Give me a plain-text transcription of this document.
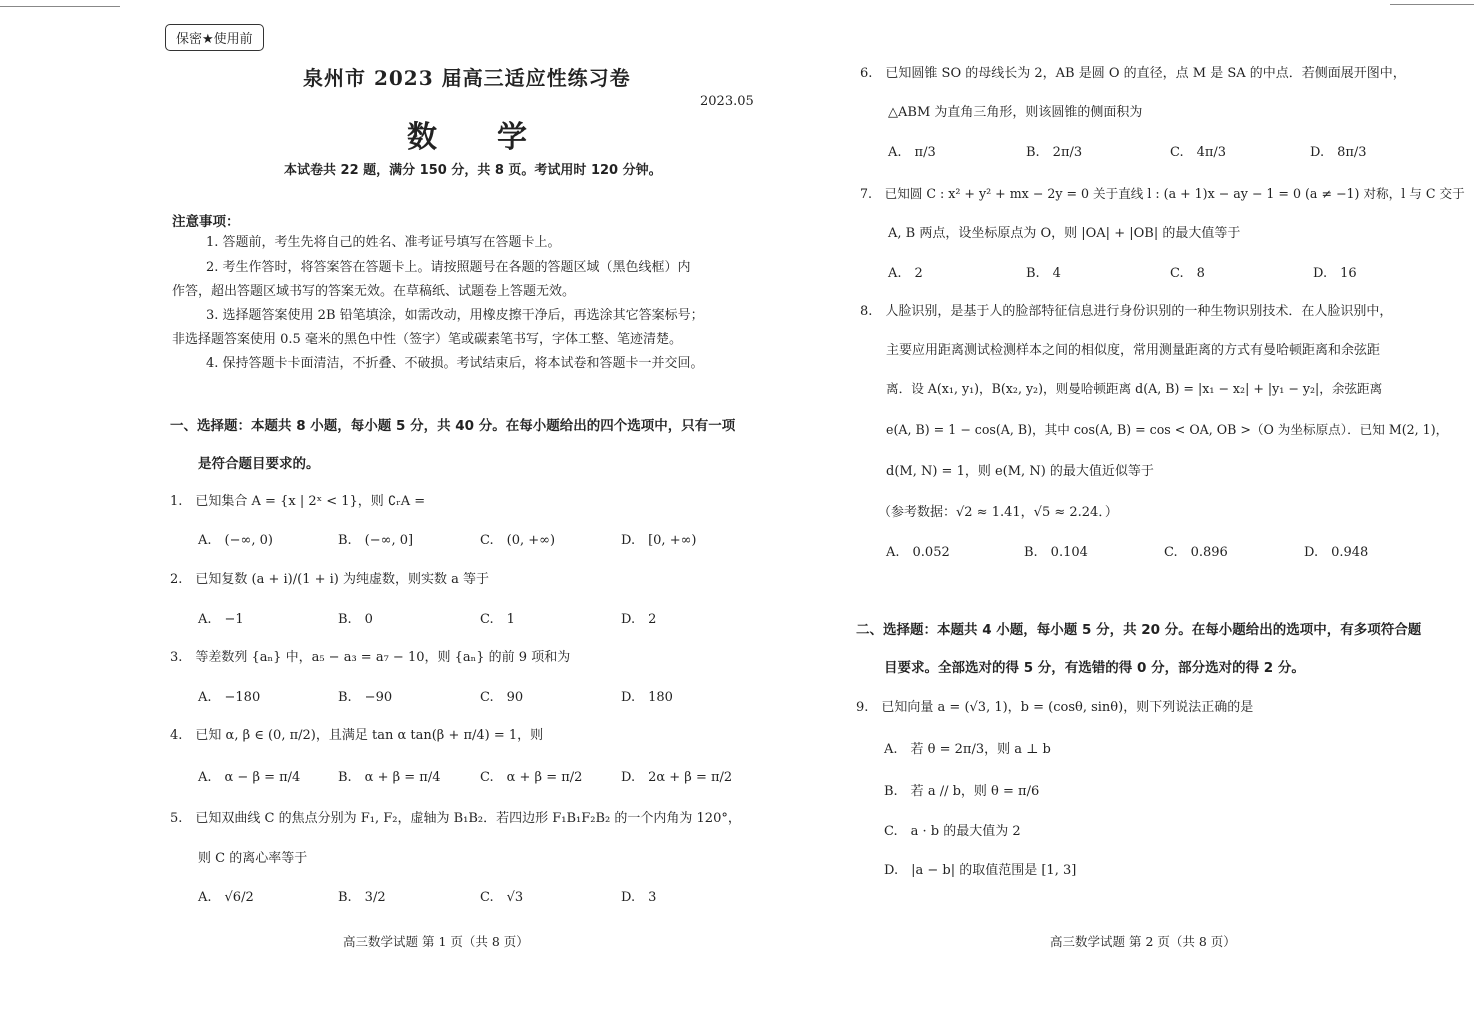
保密★使用前
泉州市 2023 届高三适应性练习卷
2023.05
数　　学
本试卷共 22 题，满分 150 分，共 8 页。考试用时 120 分钟。
注意事项：
1. 答题前，考生先将自己的姓名、准考证号填写在答题卡上。
2. 考生作答时，将答案答在答题卡上。请按照题号在各题的答题区域（黑色线框）内
作答，超出答题区域书写的答案无效。在草稿纸、试题卷上答题无效。
3. 选择题答案使用 2B 铅笔填涂，如需改动，用橡皮擦干净后，再选涂其它答案标号；
非选择题答案使用 0.5 毫米的黑色中性（签字）笔或碳素笔书写，字体工整、笔迹清楚。
4. 保持答题卡卡面清洁，不折叠、不破损。考试结束后，将本试卷和答题卡一并交回。
一、选择题：本题共 8 小题，每小题 5 分，共 40 分。在每小题给出的四个选项中，只有一项
是符合题目要求的。
1.　已知集合 A = {x | 2ˣ < 1}，则 ∁ᵣA =
A.　(−∞, 0)	B.　(−∞, 0]	C.　(0, +∞)	D.　[0, +∞)
2.　已知复数 (a + i)/(1 + i) 为纯虚数，则实数 a 等于
A.　−1	B.　0	C.　1	D.　2
3.　等差数列 {aₙ} 中，a₅ − a₃ = a₇ − 10，则 {aₙ} 的前 9 项和为
A.　−180	B.　−90	C.　90	D.　180
4.　已知 α, β ∈ (0, π/2)，且满足 tan α tan(β + π/4) = 1，则
A.　α − β = π/4	B.　α + β = π/4	C.　α + β = π/2	D.　2α + β = π/2
5.　已知双曲线 C 的焦点分别为 F₁, F₂，虚轴为 B₁B₂．若四边形 F₁B₁F₂B₂ 的一个内角为 120°，
则 C 的离心率等于
A.　√6/2	B.　3/2	C.　√3	D.　3
高三数学试题 第 1 页（共 8 页）
6.　已知圆锥 SO 的母线长为 2，AB 是圆 O 的直径，点 M 是 SA 的中点．若侧面展开图中，
△ABM 为直角三角形，则该圆锥的侧面积为
A.　π/3	B.　2π/3	C.　4π/3	D.　8π/3
7.　已知圆 C : x² + y² + mx − 2y = 0 关于直线 l : (a + 1)x − ay − 1 = 0 (a ≠ −1) 对称，l 与 C 交于
A, B 两点，设坐标原点为 O，则 |OA| + |OB| 的最大值等于
A.　2	B.　4	C.　8	D.　16
8.　人脸识别，是基于人的脸部特征信息进行身份识别的一种生物识别技术．在人脸识别中，
主要应用距离测试检测样本之间的相似度，常用测量距离的方式有曼哈顿距离和余弦距
离．设 A(x₁, y₁)，B(x₂, y₂)，则曼哈顿距离 d(A, B) = |x₁ − x₂| + |y₁ − y₂|，余弦距离
e(A, B) = 1 − cos(A, B)，其中 cos(A, B) = cos < OA, OB >（O 为坐标原点）．已知 M(2, 1)，
d(M, N) = 1，则 e(M, N) 的最大值近似等于
（参考数据：√2 ≈ 1.41，√5 ≈ 2.24．）
A.　0.052	B.　0.104	C.　0.896	D.　0.948
二、选择题：本题共 4 小题，每小题 5 分，共 20 分。在每小题给出的选项中，有多项符合题
目要求。全部选对的得 5 分，有选错的得 0 分，部分选对的得 2 分。
9.　已知向量 a = (√3, 1)，b = (cosθ, sinθ)，则下列说法正确的是
A.　若 θ = 2π/3，则 a ⊥ b
B.　若 a // b，则 θ = π/6
C.　a · b 的最大值为 2
D.　|a − b| 的取值范围是 [1, 3]
高三数学试题 第 2 页（共 8 页）
